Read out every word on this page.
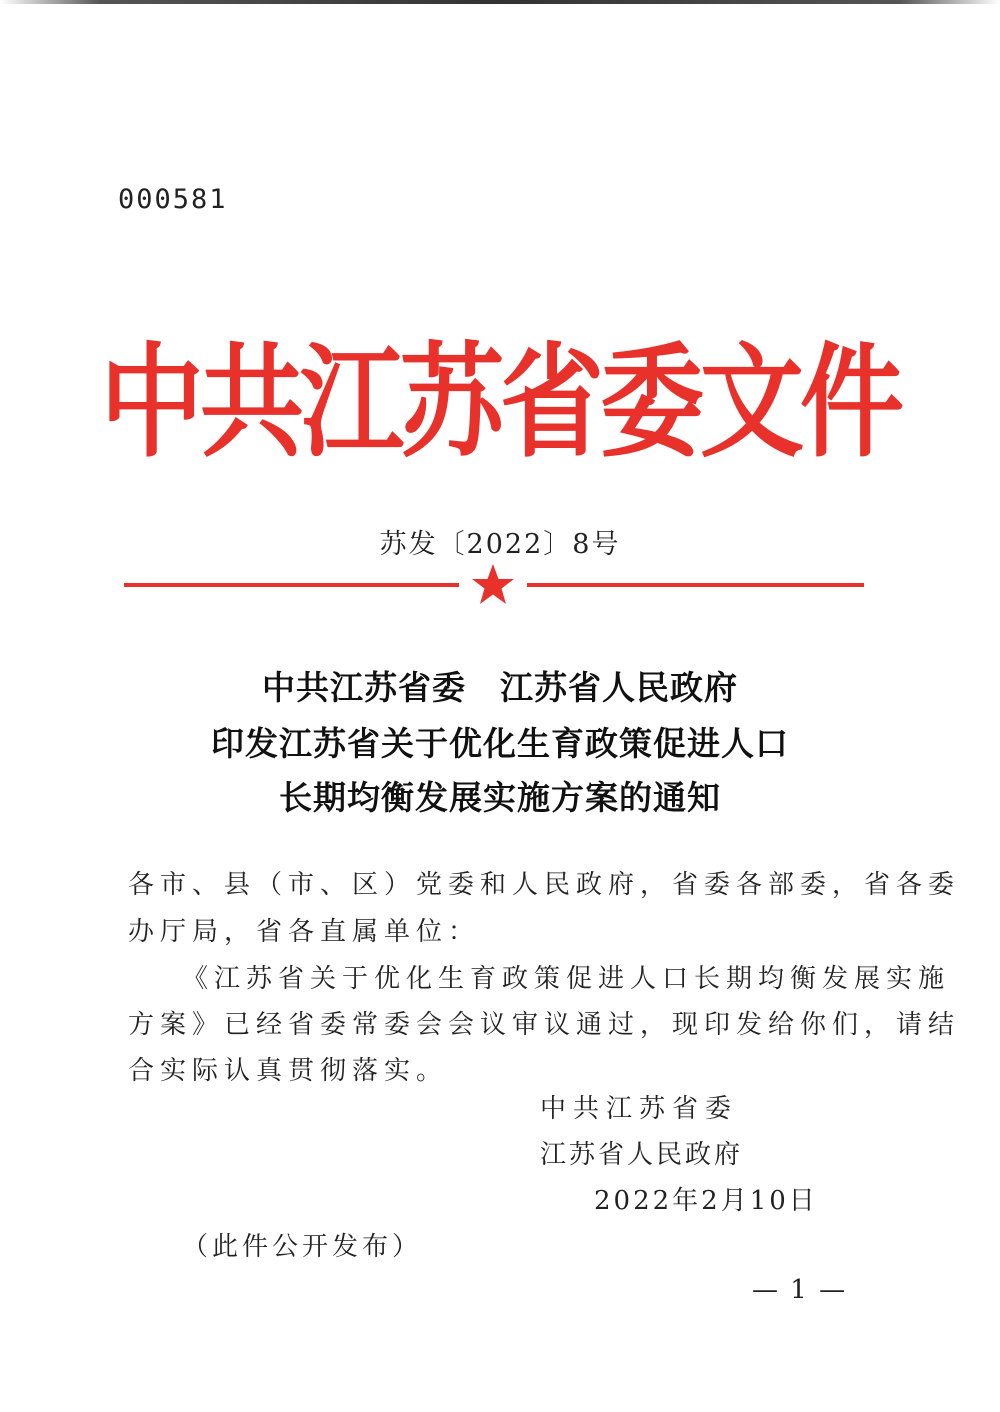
000581
中共江苏省委文件
苏发〔2022〕8号
中共江苏省委　江苏省人民政府
印发江苏省关于优化生育政策促进人口
长期均衡发展实施方案的通知
各市、县（市、区）党委和人民政府，省委各部委，省各委
办厅局，省各直属单位：
《江苏省关于优化生育政策促进人口长期均衡发展实施
方案》已经省委常委会会议审议通过，现印发给你们，请结
合实际认真贯彻落实。
中共江苏省委
江苏省人民政府
2022年2月10日
（此件公开发布）
— 1 —
